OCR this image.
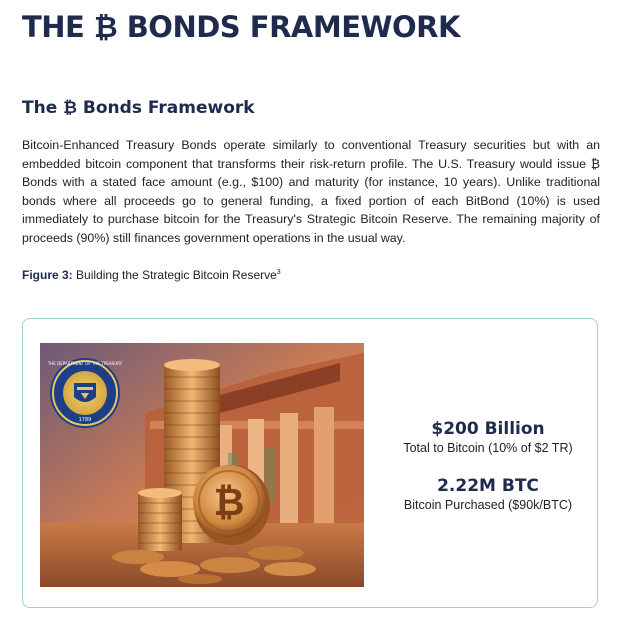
THE ₿ BONDS FRAMEWORK
The ₿ Bonds Framework

Bitcoin-Enhanced Treasury Bonds operate similarly to conventional Treasury securities but with an embedded bitcoin component that transforms their risk-return profile. The U.S. Treasury would issue ₿ Bonds with a stated face amount (e.g., $100) and maturity (for instance, 10 years). Unlike traditional bonds where all proceeds go to general funding, a fixed portion of each BitBond (10%) is used immediately to purchase bitcoin for the Treasury's Strategic Bitcoin Reserve. The remaining majority of proceeds (90%) still finances government operations in the usual way.

Figure 3: Building the Strategic Bitcoin Reserve$^3$

₿
1789
THE DEPARTMENT OF THE TREASURY
$200 Billion
Total to Bitcoin (10% of $2 TR)
2.22M BTC
Bitcoin Purchased ($90k/BTC)
